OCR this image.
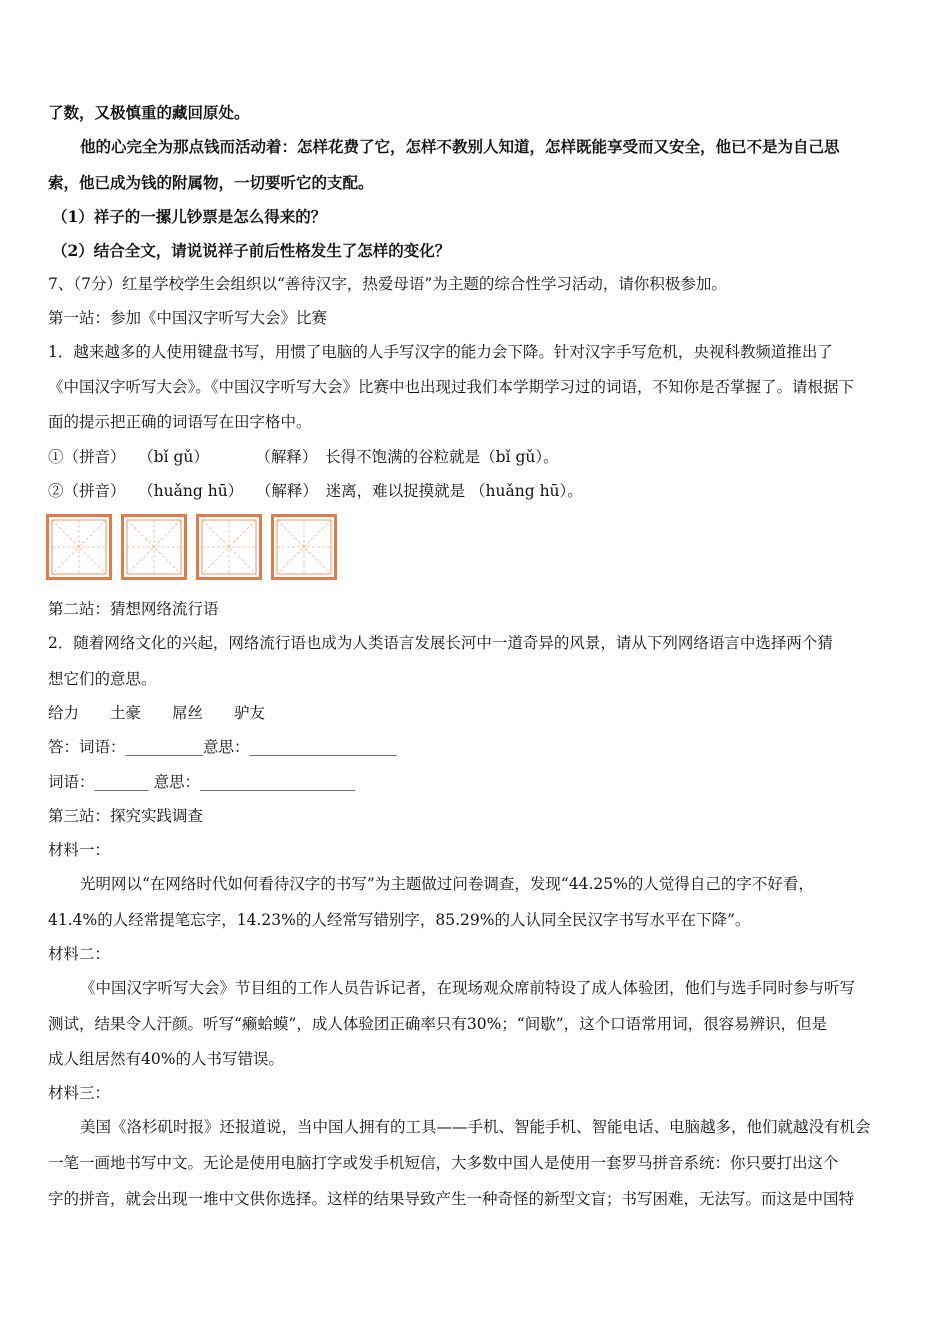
了数，又极慎重的藏回原处。
他的心完全为那点钱而活动着：怎样花费了它，怎样不教别人知道，怎样既能享受而又安全，他已不是为自己思
索，他已成为钱的附属物，一切要听它的支配。
（1）祥子的一摞儿钞票是怎么得来的？
（2）结合全文，请说说祥子前后性格发生了怎样的变化？
7、（7分）红星学校学生会组织以“善待汉字，热爱母语”为主题的综合性学习活动，请你积极参加。
第一站：参加《中国汉字听写大会》比赛
1．越来越多的人使用键盘书写，用惯了电脑的人手写汉字的能力会下降。针对汉字手写危机，央视科教频道推出了
《中国汉字听写大会》。《中国汉字听写大会》比赛中也出现过我们本学期学习过的词语，不知你是否掌握了。请根据下
面的提示把正确的词语写在田字格中。
①（拼音）　 （bǐ gǔ）　　　　（解释）　长得不饱满的谷粒就是（bǐ gǔ）。
②（拼音）　 （huǎng hū）　 （解释）　迷离，难以捉摸就是 （huǎng hū）。
第二站：猜想网络流行语
2．随着网络文化的兴起，网络流行语也成为人类语言发展长河中一道奇异的风景，请从下列网络语言中选择两个猜
想它们的意思。
给力　　土豪　　屌丝　　驴友
答：词语：__________意思：___________________
词语：_______ 意思：____________________
第三站：探究实践调查
材料一：
光明网以“在网络时代如何看待汉字的书写”为主题做过问卷调查，发现“44.25%的人觉得自己的字不好看，
41.4%的人经常提笔忘字，14.23%的人经常写错别字，85.29%的人认同全民汉字书写水平在下降”。
材料二：
《中国汉字听写大会》节目组的工作人员告诉记者，在现场观众席前特设了成人体验团，他们与选手同时参与听写
测试，结果令人汗颜。听写“癞蛤蟆”，成人体验团正确率只有30%；“间歇”，这个口语常用词，很容易辨识，但是
成人组居然有40%的人书写错误。
材料三：
美国《洛杉矶时报》还报道说，当中国人拥有的工具——手机、智能手机、智能电话、电脑越多，他们就越没有机会
一笔一画地书写中文。无论是使用电脑打字或发手机短信，大多数中国人是使用一套罗马拼音系统：你只要打出这个
字的拼音，就会出现一堆中文供你选择。这样的结果导致产生一种奇怪的新型文盲；书写困难，无法写。而这是中国特
